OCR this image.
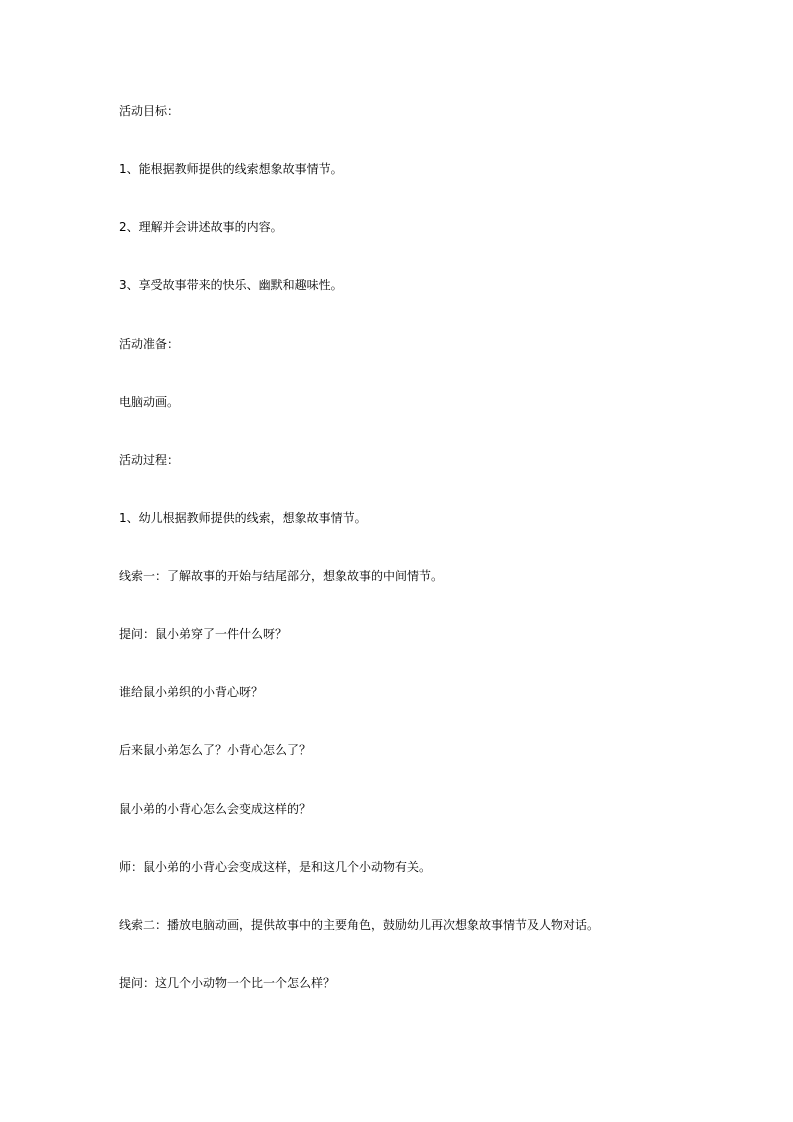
活动目标：

1、能根据教师提供的线索想象故事情节。

2、理解并会讲述故事的内容。

3、享受故事带来的快乐、幽默和趣味性。

活动准备：

电脑动画。

活动过程：

1、幼儿根据教师提供的线索，想象故事情节。

线索一：了解故事的开始与结尾部分，想象故事的中间情节。

提问：鼠小弟穿了一件什么呀？

谁给鼠小弟织的小背心呀？

后来鼠小弟怎么了？小背心怎么了？

鼠小弟的小背心怎么会变成这样的？

师：鼠小弟的小背心会变成这样，是和这几个小动物有关。

线索二：播放电脑动画，提供故事中的主要角色，鼓励幼儿再次想象故事情节及人物对话。

提问：这几个小动物一个比一个怎么样？
